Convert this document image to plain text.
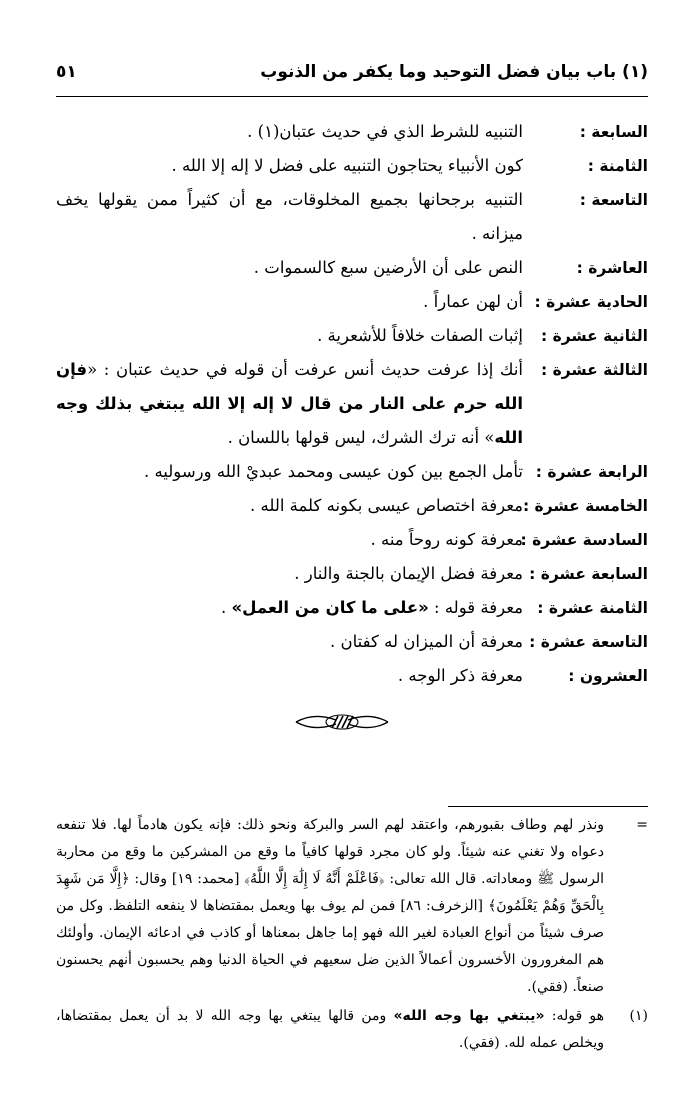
(١) باب بيان فضل التوحيد وما يكفر من الذنوب
٥١
السابعة :
التنبيه للشرط الذي في حديث عتبان(١) .
الثامنة :
كون الأنبياء يحتاجون التنبيه على فضل لا إله إلا الله .
التاسعة :
التنبيه برجحانها بجميع المخلوقات، مع أن كثيراً ممن يقولها يخف ميزانه .
العاشرة :
النص على أن الأرضين سبع كالسموات .
الحادية عشرة :
أن لهن عماراً .
الثانية عشرة :
إثبات الصفات خلافاً للأشعرية .
الثالثة عشرة :
أنك إذا عرفت حديث أنس عرفت أن قوله في حديث عتبان : «فإن الله حرم على النار من قال لا إله إلا الله يبتغي بذلك وجه الله» أنه ترك الشرك، ليس قولها باللسان .
الرابعة عشرة :
تأمل الجمع بين كون عيسى ومحمد عبديْ الله ورسوليه .
الخامسة عشرة :
معرفة اختصاص عيسى بكونه كلمة الله .
السادسة عشرة :
معرفة كونه روحاً منه .
السابعة عشرة :
معرفة فضل الإيمان بالجنة والنار .
الثامنة عشرة :
معرفة قوله : «على ما كان من العمل» .
التاسعة عشرة :
معرفة أن الميزان له كفتان .
العشرون :
معرفة ذكر الوجه .
=
ونذر لهم وطاف بقبورهم، واعتقد لهم السر والبركة ونحو ذلك: فإنه يكون هادماً لها. فلا تنفعه دعواه ولا تغني عنه شيئاً. ولو كان مجرد قولها كافياً ما وقع من المشركين ما وقع من محاربة الرسول ﷺ ومعاداته. قال الله تعالى: ﴿فَاعْلَمْ أَنَّهُ لَا إِلَٰهَ إِلَّا اللَّهُ﴾ [محمد: ١٩] وقال: ﴿إِلَّا مَن شَهِدَ بِالْحَقِّ وَهُمْ يَعْلَمُونَ﴾ [الزخرف: ٨٦] فمن لم يوف بها ويعمل بمقتضاها لا ينفعه التلفظ. وكل من صرف شيئاً من أنواع العبادة لغير الله فهو إما جاهل بمعناها أو كاذب في ادعائه الإيمان. وأولئك هم المغرورون الأخسرون أعمالاً الذين ضل سعيهم في الحياة الدنيا وهم يحسبون أنهم يحسنون صنعاً. (فقي).
(١)
هو قوله: «يبتغي بها وجه الله» ومن قالها يبتغي بها وجه الله لا بد أن يعمل بمقتضاها، ويخلص عمله لله. (فقي).
